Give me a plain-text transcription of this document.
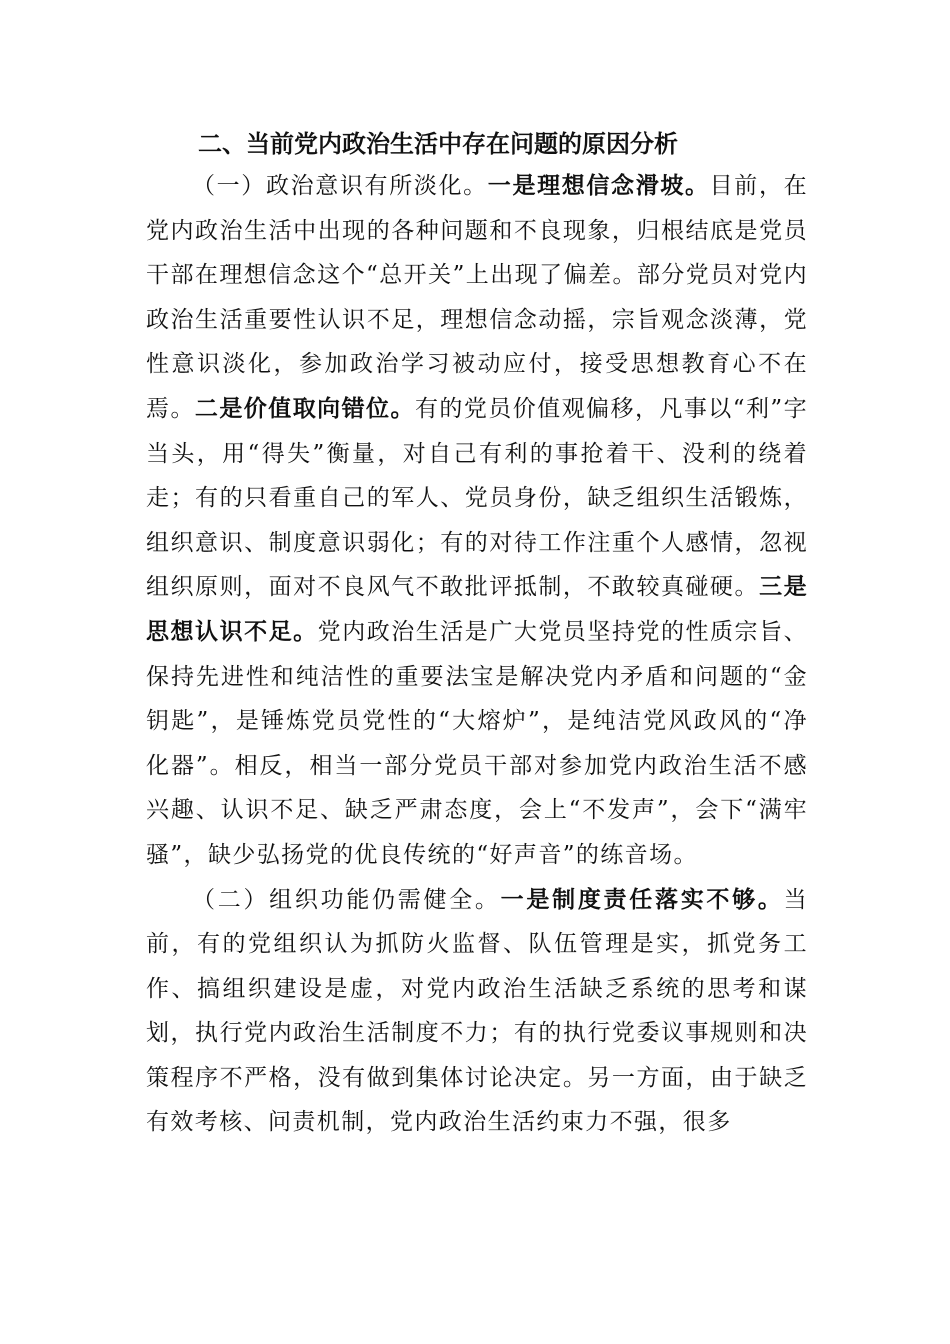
二、当前党内政治生活中存在问题的原因分析

（一）政治意识有所淡化。一是理想信念滑坡。目前，在党内政治生活中出现的各种问题和不良现象，归根结底是党员干部在理想信念这个“总开关”上出现了偏差。部分党员对党内政治生活重要性认识不足，理想信念动摇，宗旨观念淡薄，党性意识淡化，参加政治学习被动应付，接受思想教育心不在焉。二是价值取向错位。有的党员价值观偏移，凡事以“利”字当头，用“得失”衡量，对自己有利的事抢着干、没利的绕着走；有的只看重自己的军人、党员身份，缺乏组织生活锻炼，组织意识、制度意识弱化；有的对待工作注重个人感情，忽视组织原则，面对不良风气不敢批评抵制，不敢较真碰硬。三是思想认识不足。党内政治生活是广大党员坚持党的性质宗旨、保持先进性和纯洁性的重要法宝是解决党内矛盾和问题的“金钥匙”，是锤炼党员党性的“大熔炉”，是纯洁党风政风的“净化器”。相反，相当一部分党员干部对参加党内政治生活不感兴趣、认识不足、缺乏严肃态度，会上“不发声”，会下“满牢骚”，缺少弘扬党的优良传统的“好声音”的练音场。

（二）组织功能仍需健全。一是制度责任落实不够。当前，有的党组织认为抓防火监督、队伍管理是实，抓党务工作、搞组织建设是虚，对党内政治生活缺乏系统的思考和谋划，执行党内政治生活制度不力；有的执行党委议事规则和决策程序不严格，没有做到集体讨论决定。另一方面，由于缺乏有效考核、问责机制，党内政治生活约束力不强，很多
